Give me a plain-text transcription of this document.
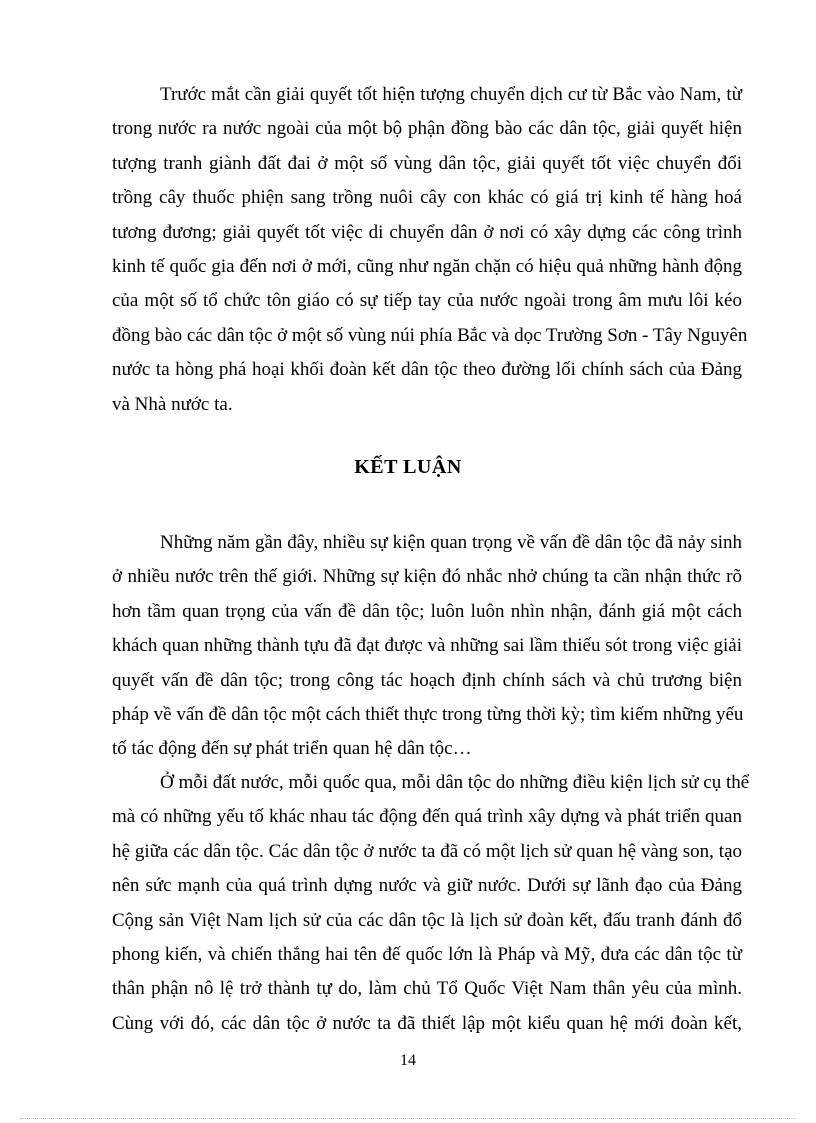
Trước mắt cần giải quyết tốt hiện tượng chuyển dịch cư từ Bắc vào Nam, từ
trong nước ra nước ngoài của một bộ phận đồng bào các dân tộc, giải quyết hiện
tượng tranh giành đất đai ở một số vùng dân tộc, giải quyết tốt việc chuyển đổi
trồng cây thuốc phiện sang trồng nuôi cây con khác có giá trị kinh tế hàng hoá
tương đương; giải quyết tốt việc di chuyển dân ở nơi có xây dựng các công trình
kinh tế quốc gia đến nơi ở mới, cũng như ngăn chặn có hiệu quả những hành động
của một số tổ chức tôn giáo có sự tiếp tay của nước ngoài trong âm mưu lôi kéo
đồng bào các dân tộc ở một số vùng núi phía Bắc và dọc Trường Sơn - Tây Nguyên
nước ta hòng phá hoại khối đoàn kết dân tộc theo đường lối chính sách của Đảng
và Nhà nước ta.
KẾT LUẬN
Những năm gần đây, nhiều sự kiện quan trọng về vấn đề dân tộc đã nảy sinh
ở nhiều nước trên thế giới. Những sự kiện đó nhắc nhở chúng ta cần nhận thức rõ
hơn tầm quan trọng của vấn đề dân tộc; luôn luôn nhìn nhận, đánh giá một cách
khách quan những thành tựu đã đạt được và những sai lầm thiếu sót trong việc giải
quyết vấn đề dân tộc; trong công tác hoạch định chính sách và chủ trương biện
pháp về vấn đề dân tộc một cách thiết thực trong từng thời kỳ; tìm kiếm những yếu
tố tác động đến sự phát triển quan hệ dân tộc…
Ở mỗi đất nước, mỗi quốc qua, mỗi dân tộc do những điều kiện lịch sử cụ thể
mà có những yếu tố khác nhau tác động đến quá trình xây dựng và phát triển quan
hệ giữa các dân tộc. Các dân tộc ở nước ta đã có một lịch sử quan hệ vàng son, tạo
nên sức mạnh của quá trình dựng nước và giữ nước. Dưới sự lãnh đạo của Đảng
Cộng sản Việt Nam lịch sử của các dân tộc là lịch sử đoàn kết, đấu tranh đánh đổ
phong kiến, và chiến thắng hai tên đế quốc lớn là Pháp và Mỹ, đưa các dân tộc từ
thân phận nô lệ trở thành tự do, làm chủ Tổ Quốc Việt Nam thân yêu của mình.
Cùng với đó, các dân tộc ở nước ta đã thiết lập một kiểu quan hệ mới đoàn kết,
14
